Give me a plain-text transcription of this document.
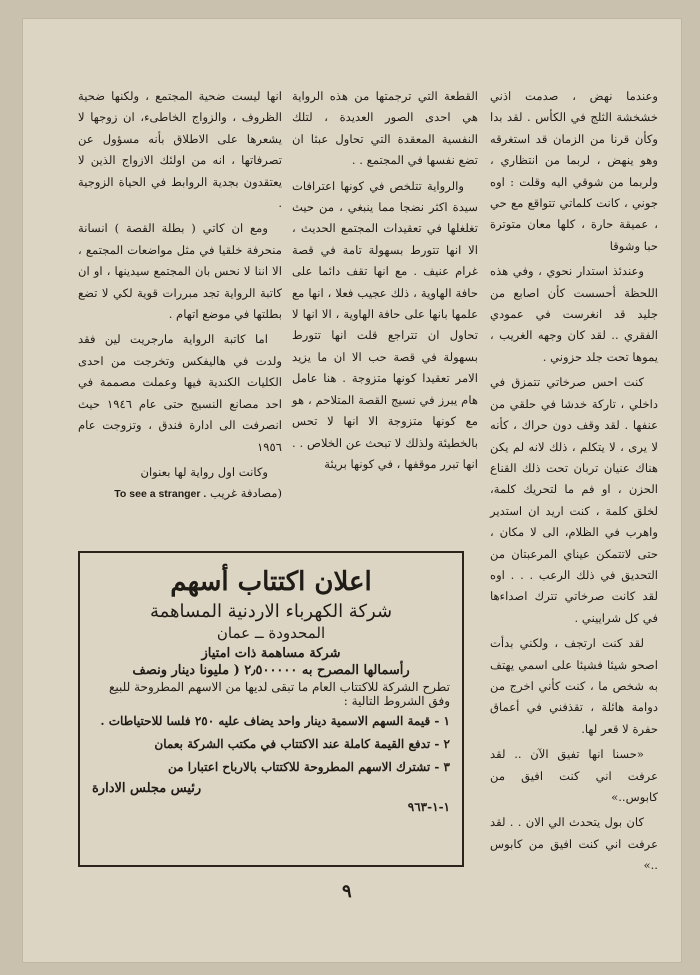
وعندما نهض ، صدمت اذني خشخشة الثلج في الكأس . لقد بدا وكأن قرنا من الزمان قد استغرقه وهو ينهض ، لربما من انتظاري ، ولربما من شوقي اليه وقلت : اوه جوني ، كانت كلماتي تتواقع مع حي ، عميقة حارة ، كلها معان متوترة حبا وشوقا

وعندئذ استدار نحوي ، وفي هذه اللحظة أحسست كأن اصابع من جليد قد انغرست في عمودي الفقري .. لقد كان وجهه الغريب ، يموها تحت جلد حزوني .

كنت احس صرخاتي تتمزق في داخلي ، تاركة خدشا في حلقي من عنفها . لقد وقف دون حراك ، كأنه لا يرى ، لا يتكلم ، ذلك لانه لم يكن هناك عنيان تربان تحت ذلك القناع الحزن ، او فم ما لتحريك كلمة، لخلق كلمة ، كنت اريد ان استدير واهرب في الظلام، الى لا مكان ، حتى لاتتمكن عيناي المرعبتان من التحديق في ذلك الرعب . . . اوه لقد كانت صرخاتي تترك اصداءها في كل شراييني .

لقد كنت ارتجف ، ولكني بدأت اصحو شيئا فشيئا على اسمي يهتف به شخص ما ، كنت كأني اخرج من دوامة هائلة ، تقذفني في أعماق حفرة لا قعر لها.

«حسنا انها تفيق الآن .. لقد عرفت اني كنت افيق من كابوس..»

كان بول يتحدث الي الان . . لقد عرفت اني كنت افيق من كابوس ..»

القطعة التي ترجمتها من هذه الرواية هي احدى الصور العديدة ، لتلك النفسية المعقدة التي تحاول عبثا ان تضع نفسها في المجتمع . .

والرواية تتلخص في كونها اعترافات سيدة اكثر نضجا مما ينبغي ، من حيث تغلغلها في تعقيدات المجتمع الحديث ، الا انها تتورط بسهولة تامة في قصة غرام عنيف . مع انها تقف دائما على حافة الهاوية ، ذلك عجيب فعلا ، انها مع علمها بانها على حافة الهاوية ، الا انها لا تحاول ان تتراجع قلت انها تتورط بسهولة في قصة حب الا ان ما يزيد الامر تعقيدا كونها متزوجة . هنا عامل هام يبرز في نسيج القصة المتلاحم ، هو مع كونها متزوجة الا انها لا تحس بالخطيئة ولذلك لا تبحث عن الخلاص . . انها تبرر موقفها ، في كونها بريئة

انها ليست ضحية المجتمع ، ولكنها ضحية الظروف ، والزواج الخاطىء، ان زوجها لا يشعرها على الاطلاق بأنه مسؤول عن تصرفاتها ، انه من اولئك الازواج الذين لا يعتقدون بجدية الروابط في الحياة الزوجية .

ومع ان كاتي ( بطلة القصة ) انسانة منحرفة خلقيا في مثل مواضعات المجتمع ، الا اننا لا نحس بان المجتمع سيدينها ، او ان كاتبة الرواية تجد مبررات قوية لكي لا تضع بطلتها في موضع اتهام .

اما كاتبة الرواية مارجريت لين فقد ولدت في هاليفكس وتخرجت من احدى الكليات الكندية فيها وعملت مصممة في احد مصانع النسيج حتى عام ١٩٤٦ حيث انصرفت الى ادارة فندق ، وتزوجت عام ١٩٥٦

وكانت اول رواية لها بعنوان
(مصادفة غريب To see a stranger .

اعلان اكتتاب أسهم
شركة الكهرباء الاردنية المساهمة
المحدودة ــ عمان
شركة مساهمة ذات امتياز
رأسمالها المصرح به ٢٫٥٠٠٠٠٠ ( مليونا دينار ونصف
تطرح الشركة للاكتتاب العام ما تبقى لديها من الاسهم المطروحة للبيع وفق الشروط التالية :
١ - قيمة السهم الاسمية دينار واحد يضاف عليه ٢٥٠ فلسا للاحتياطات .
٢ - تدفع القيمة كاملة عند الاكتتاب في مكتب الشركة بعمان
٣ - تشترك الاسهم المطروحة للاكتتاب بالارباح اعتبارا من
رئيس مجلس الادارة
١-١-٩٦٣
٩
